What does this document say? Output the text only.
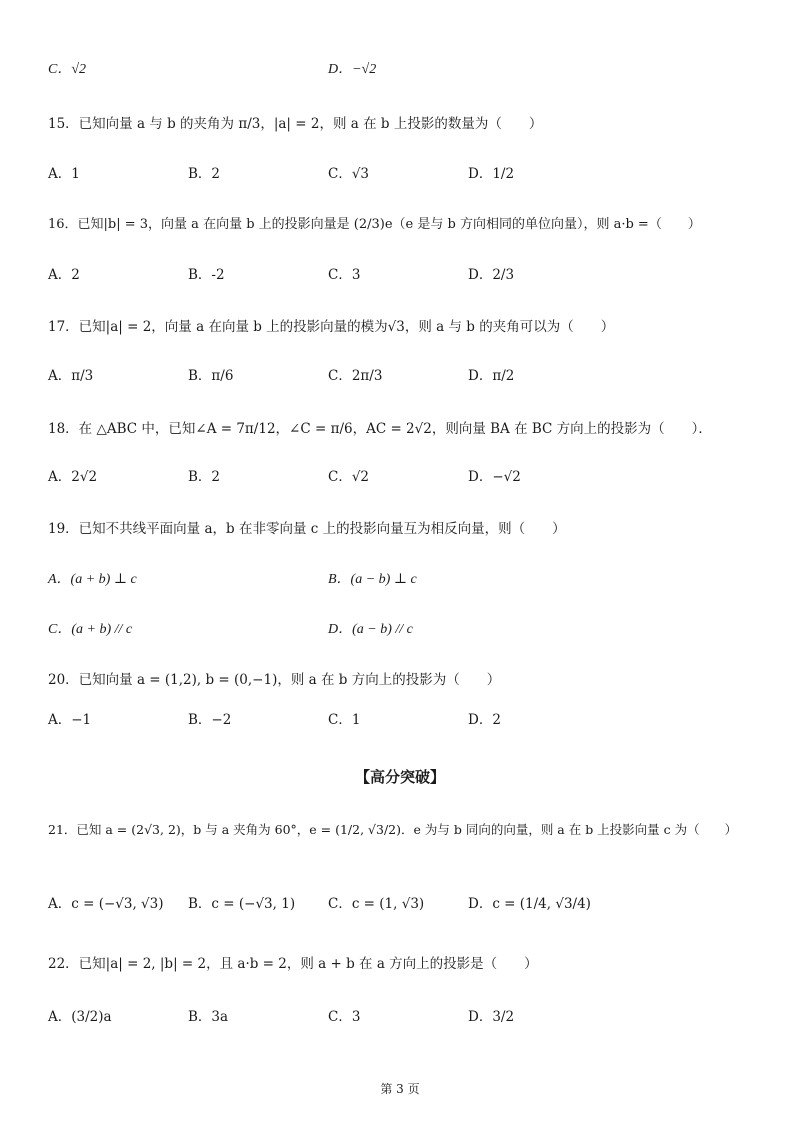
C．√2	D．−√2
15．已知向量 a 与 b 的夹角为 π/3，|a| = 2，则 a 在 b 上投影的数量为（　　）
A．1	B．2	C．√3	D．1/2
16．已知|b| = 3，向量 a 在向量 b 上的投影向量是 (2/3)e（e 是与 b 方向相同的单位向量），则 a·b =（　　）
A．2	B．-2	C．3	D．2/3
17．已知|a| = 2，向量 a 在向量 b 上的投影向量的模为√3，则 a 与 b 的夹角可以为（　　）
A．π/3	B．π/6	C．2π/3	D．π/2
18．在 △ABC 中，已知∠A = 7π/12，∠C = π/6，AC = 2√2，则向量 BA 在 BC 方向上的投影为（　　）．
A．2√2	B．2	C．√2	D．−√2
19．已知不共线平面向量 a，b 在非零向量 c 上的投影向量互为相反向量，则（　　）
A．(a + b) ⊥ c	B．(a − b) ⊥ c
C．(a + b) // c	D．(a − b) // c
20．已知向量 a = (1,2), b = (0,−1)，则 a 在 b 方向上的投影为（　　）
A．−1	B．−2	C．1	D．2
【高分突破】
21．已知 a = (2√3, 2)，b 与 a 夹角为 60°，e = (1/2, √3/2)．e 为与 b 同向的向量，则 a 在 b 上投影向量 c 为（　　）
A．c = (−√3, √3) B．c = (−√3, 1) C．c = (1, √3)	D．c = (1/4, √3/4)
22．已知|a| = 2, |b| = 2，且 a·b = 2，则 a + b 在 a 方向上的投影是（　　）
A．(3/2)a	B．3a	C．3	D．3/2
第 3 页
